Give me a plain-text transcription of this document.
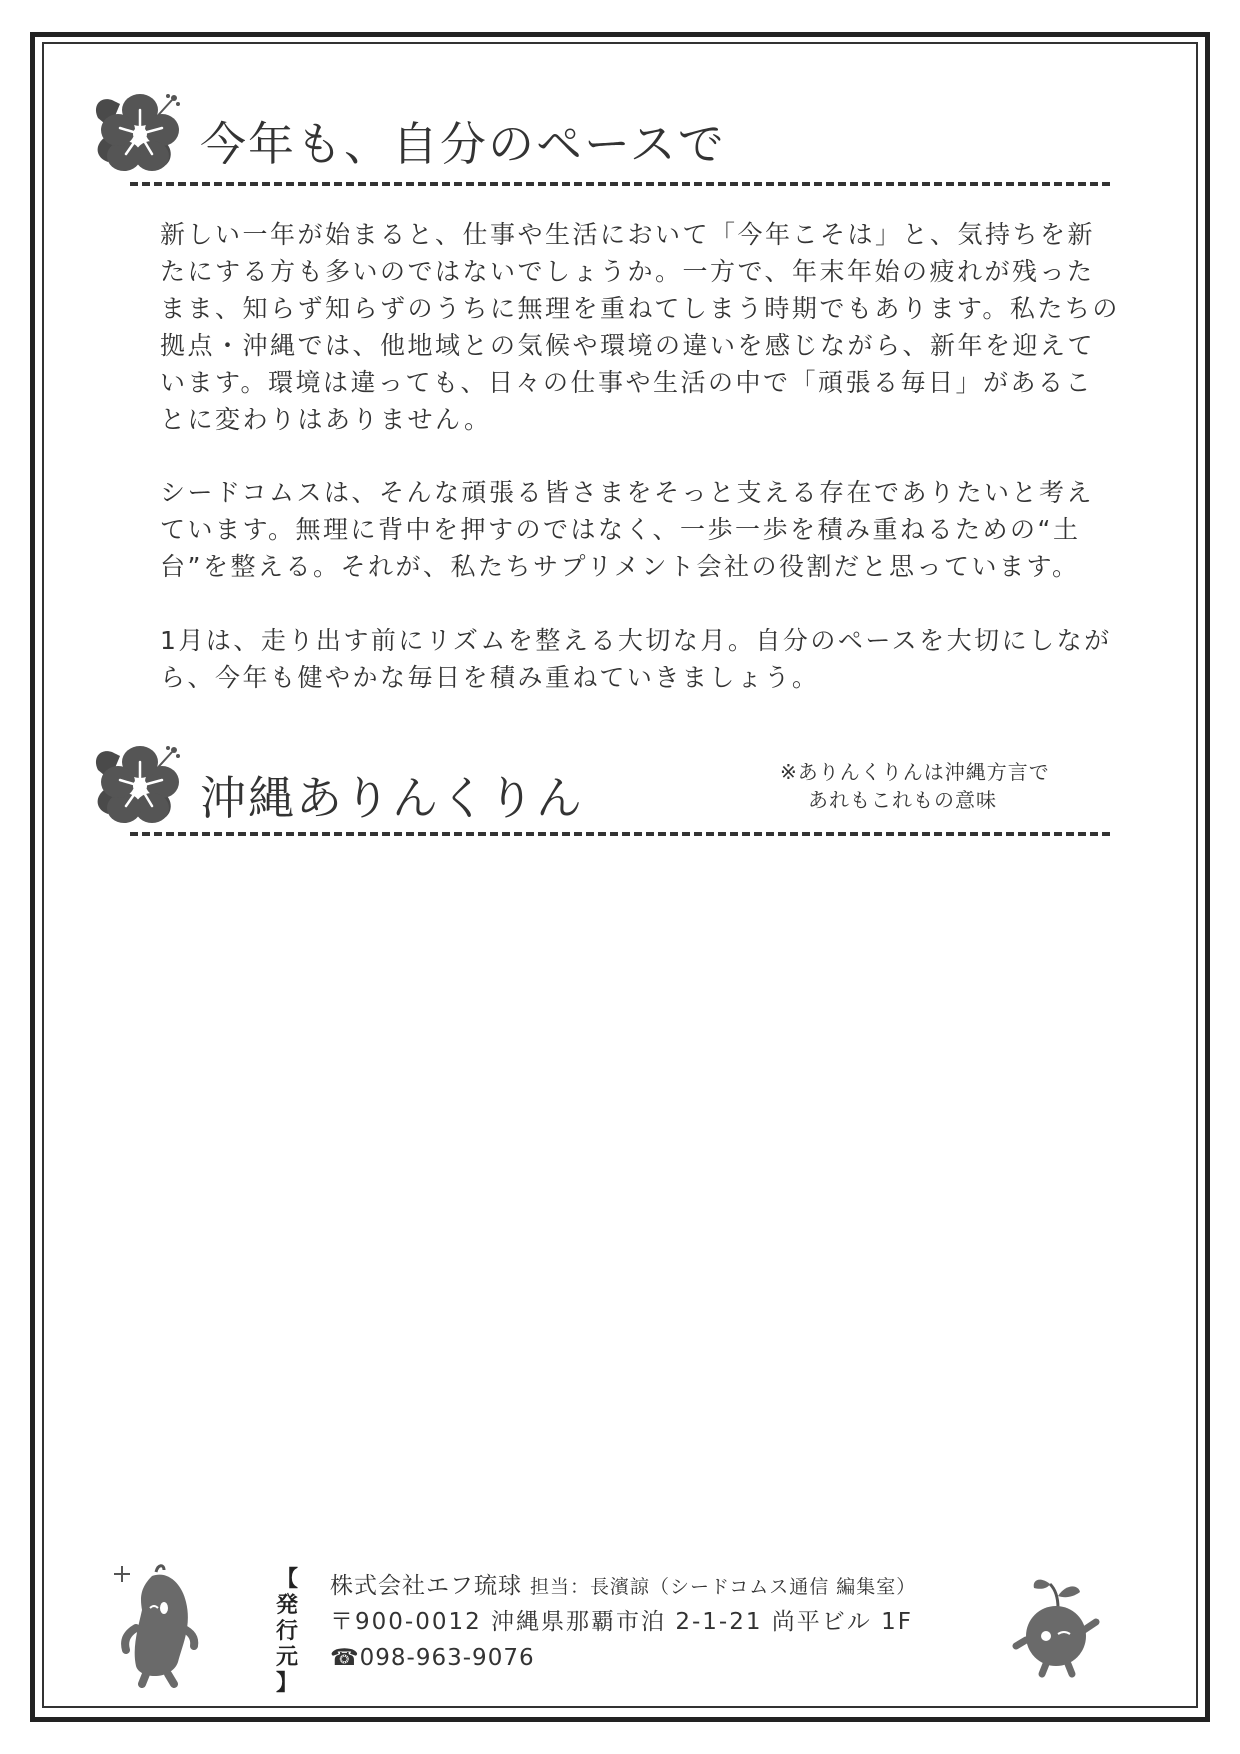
今年も、自分のペースで

新しい一年が始まると、仕事や生活において「今年こそは」と、気持ちを新たにする方も多いのではないでしょうか。一方で、年末年始の疲れが残ったまま、知らず知らずのうちに無理を重ねてしまう時期でもあります。私たちの拠点・沖縄では、他地域との気候や環境の違いを感じながら、新年を迎えています。環境は違っても、日々の仕事や生活の中で「頑張る毎日」があることに変わりはありません。

シードコムスは、そんな頑張る皆さまをそっと支える存在でありたいと考えています。無理に背中を押すのではなく、一歩一歩を積み重ねるための“土台”を整える。それが、私たちサプリメント会社の役割だと思っています。

1月は、走り出す前にリズムを整える大切な月。自分のペースを大切にしながら、今年も健やかな毎日を積み重ねていきましょう。

沖縄ありんくりん	※ありんくりんは沖縄方言で
あれもこれもの意味
【
発
行
元
】
株式会社エフ琉球 担当：長濱諒（シードコムス通信 編集室）
〒900-0012 沖縄県那覇市泊 2-1-21 尚平ビル 1F
☎098-963-9076
